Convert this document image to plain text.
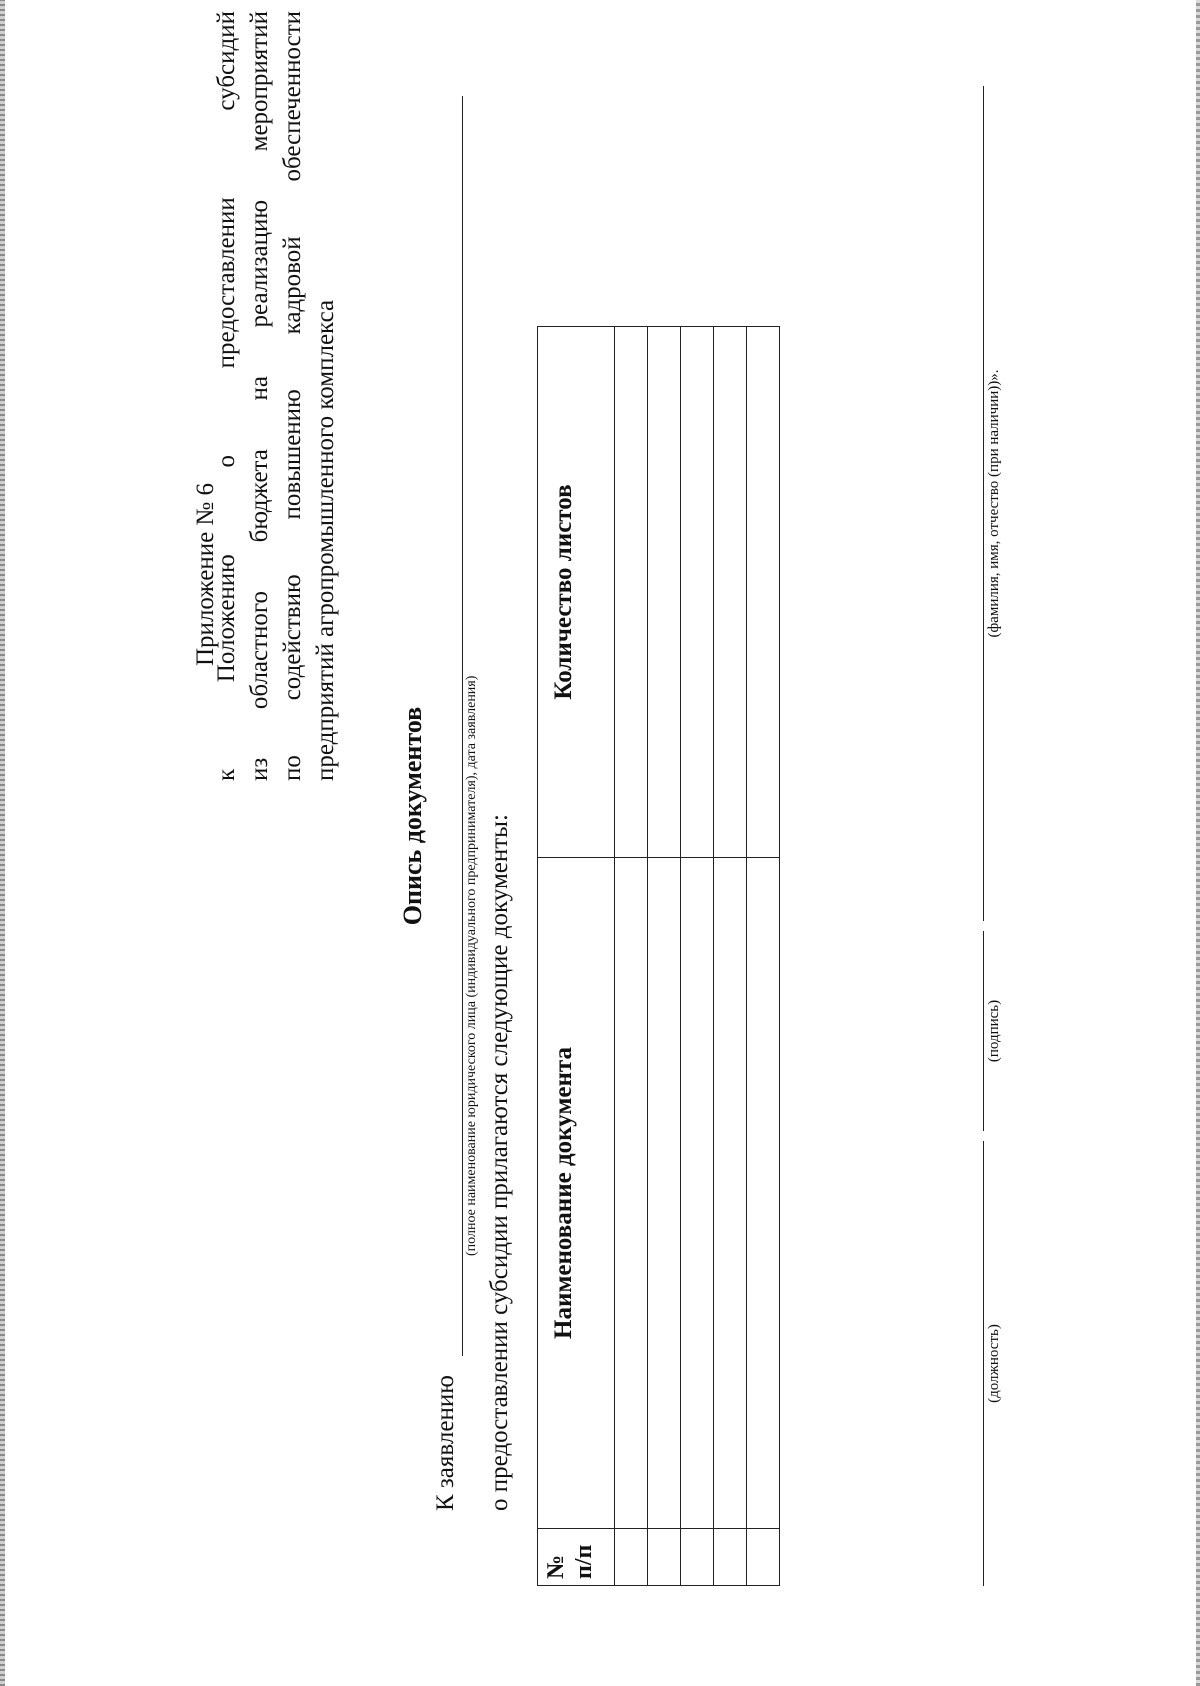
Приложение № 6
к Положению о предоставлении субсидий из областного бюджета на реализацию мероприятий по содействию повышению кадровой обеспеченности предприятий агропромышленного комплекса
Опись документов
К заявлению
(полное наименование юридического лица (индивидуального предпринимателя), дата заявления) о предоставлении субсидии прилагаются следующие документы:
№ п/п	Наименование документа	Количество листов

(должность)
(подпись)
(фамилия, имя, отчество (при наличии))».
